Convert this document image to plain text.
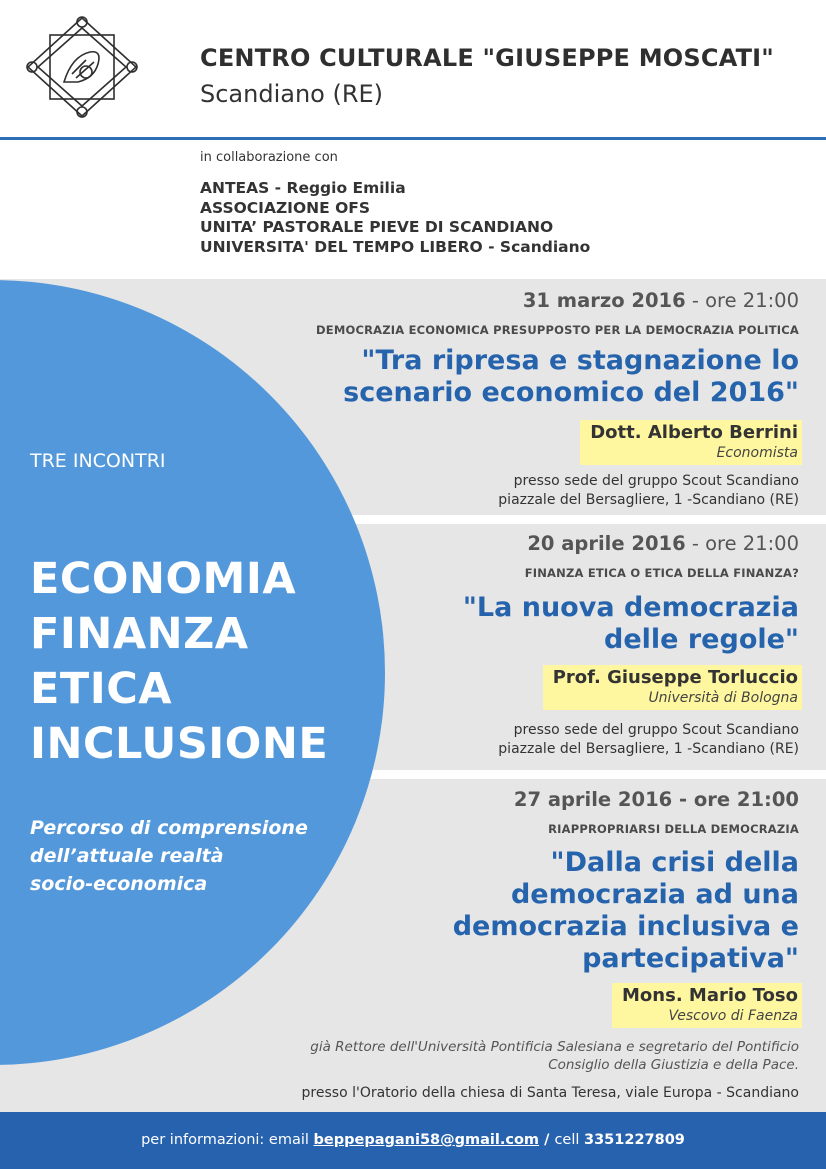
CENTRO CULTURALE "GIUSEPPE MOSCATI"
Scandiano (RE)
in collaborazione con
ANTEAS - Reggio Emilia
ASSOCIAZIONE OFS
UNITA’ PASTORALE PIEVE DI SCANDIANO
UNIVERSITA' DEL TEMPO LIBERO - Scandiano
TRE INCONTRI
ECONOMIA
FINANZA
ETICA
INCLUSIONE
Percorso di comprensione
dell’attuale realtà
socio-economica
31 marzo 2016 - ore 21:00
DEMOCRAZIA ECONOMICA PRESUPPOSTO PER LA DEMOCRAZIA POLITICA
"Tra ripresa e stagnazione lo
scenario economico del 2016"
Dott. Alberto Berrini
Economista
presso sede del gruppo Scout Scandiano
piazzale del Bersagliere, 1 -Scandiano (RE)
20 aprile 2016 - ore 21:00
FINANZA ETICA O ETICA DELLA FINANZA?
"La nuova democrazia
delle regole"
Prof. Giuseppe Torluccio
Università di Bologna
presso sede del gruppo Scout Scandiano
piazzale del Bersagliere, 1 -Scandiano (RE)
27 aprile 2016 - ore 21:00
RIAPPROPRIARSI DELLA DEMOCRAZIA
"Dalla crisi della
democrazia ad una
democrazia inclusiva e
partecipativa"
Mons. Mario Toso
Vescovo di Faenza
già Rettore dell'Università Pontificia Salesiana e segretario del Pontificio
Consiglio della Giustizia e della Pace.
presso l'Oratorio della chiesa di Santa Teresa, viale Europa - Scandiano
per informazioni: email beppepagani58@gmail.com / cell 3351227809
